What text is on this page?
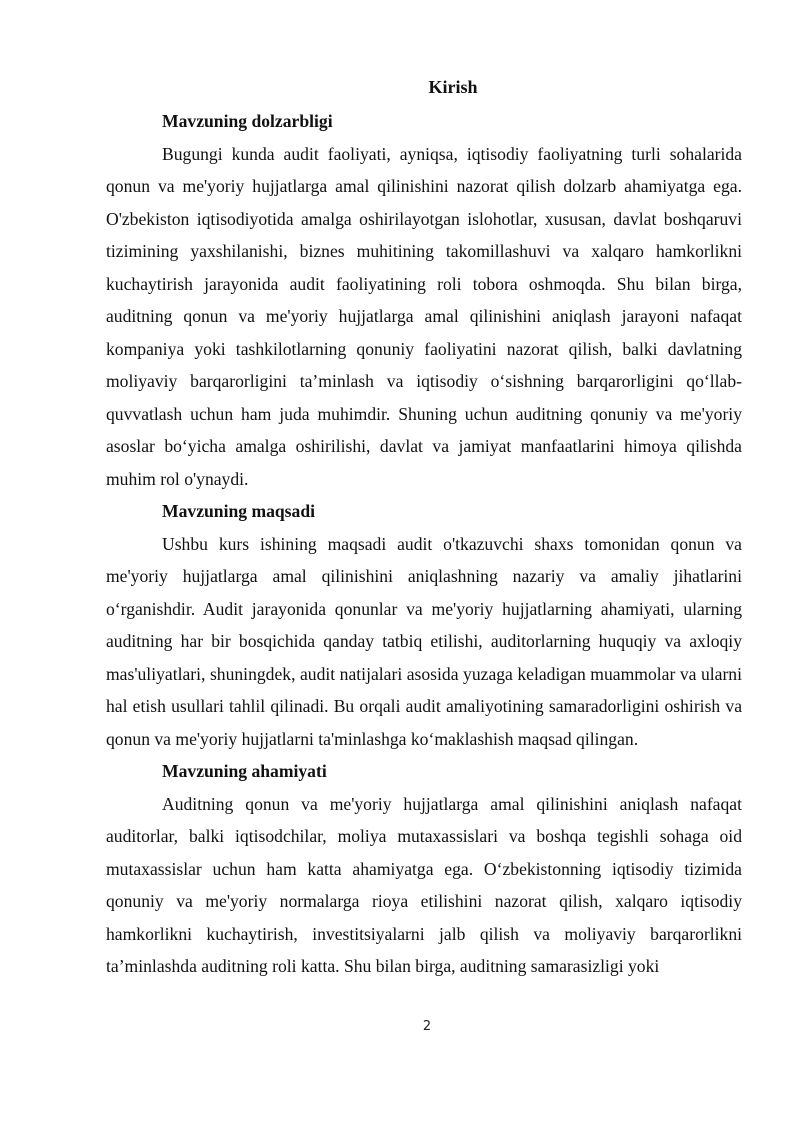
Kirish

Mavzuning dolzarbligi

Bugungi kunda audit faoliyati, ayniqsa, iqtisodiy faoliyatning turli sohalarida qonun va me'yoriy hujjatlarga amal qilinishini nazorat qilish dolzarb ahamiyatga ega. O'zbekiston iqtisodiyotida amalga oshirilayotgan islohotlar, xususan, davlat boshqaruvi tizimining yaxshilanishi, biznes muhitining takomillashuvi va xalqaro hamkorlikni kuchaytirish jarayonida audit faoliyatining roli tobora oshmoqda. Shu bilan birga, auditning qonun va me'yoriy hujjatlarga amal qilinishini aniqlash jarayoni nafaqat kompaniya yoki tashkilotlarning qonuniy faoliyatini nazorat qilish, balki davlatning moliyaviy barqarorligini ta’minlash va iqtisodiy o‘sishning barqarorligini qo‘llab-quvvatlash uchun ham juda muhimdir. Shuning uchun auditning qonuniy va me'yoriy asoslar bo‘yicha amalga oshirilishi, davlat va jamiyat manfaatlarini himoya qilishda muhim rol o'ynaydi.

Mavzuning maqsadi

Ushbu kurs ishining maqsadi audit o'tkazuvchi shaxs tomonidan qonun va me'yoriy hujjatlarga amal qilinishini aniqlashning nazariy va amaliy jihatlarini o‘rganishdir. Audit jarayonida qonunlar va me'yoriy hujjatlarning ahamiyati, ularning auditning har bir bosqichida qanday tatbiq etilishi, auditorlarning huquqiy va axloqiy mas'uliyatlari, shuningdek, audit natijalari asosida yuzaga keladigan muammolar va ularni hal etish usullari tahlil qilinadi. Bu orqali audit amaliyotining samaradorligini oshirish va qonun va me'yoriy hujjatlarni ta'minlashga ko‘maklashish maqsad qilingan.

Mavzuning ahamiyati

Auditning qonun va me'yoriy hujjatlarga amal qilinishini aniqlash nafaqat auditorlar, balki iqtisodchilar, moliya mutaxassislari va boshqa tegishli sohaga oid mutaxassislar uchun ham katta ahamiyatga ega. O‘zbekistonning iqtisodiy tizimida qonuniy va me'yoriy normalarga rioya etilishini nazorat qilish, xalqaro iqtisodiy hamkorlikni kuchaytirish, investitsiyalarni jalb qilish va moliyaviy barqarorlikni ta’minlashda auditning roli katta. Shu bilan birga, auditning samarasizligi yoki

2
